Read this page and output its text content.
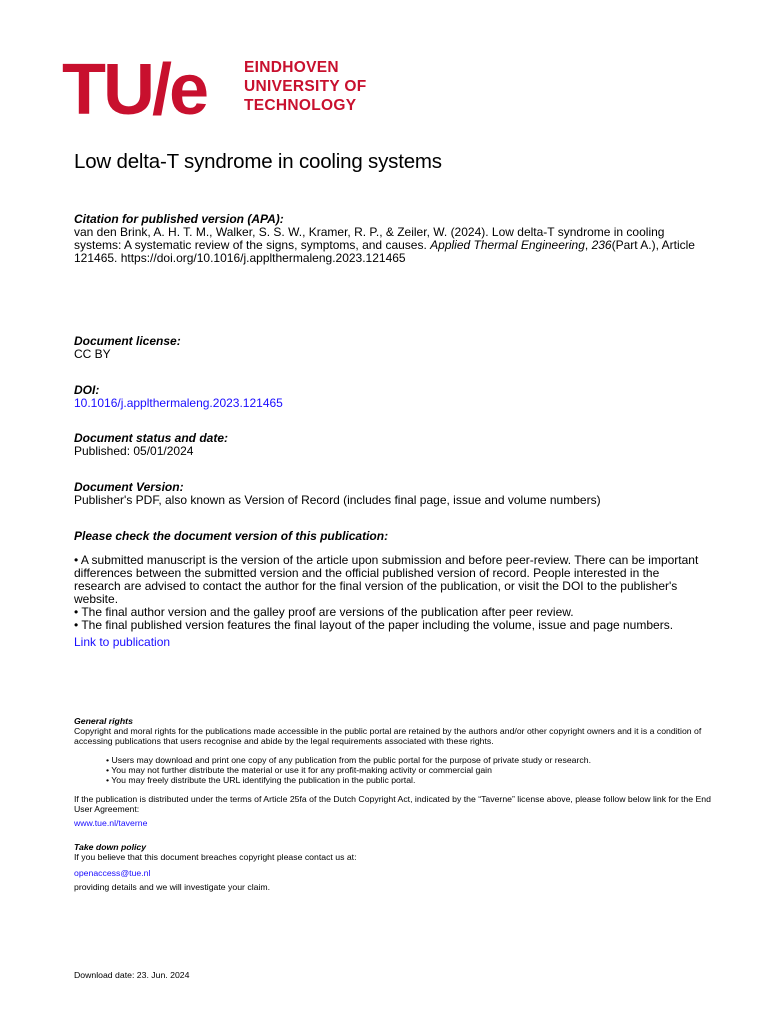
TU/e EINDHOVEN
UNIVERSITY OF
TECHNOLOGY
Low delta-T syndrome in cooling systems
Citation for published version (APA):
van den Brink, A. H. T. M., Walker, S. S. W., Kramer, R. P., & Zeiler, W. (2024). Low delta-T syndrome in cooling systems: A systematic review of the signs, symptoms, and causes. Applied Thermal Engineering, 236(Part A.), Article 121465. https://doi.org/10.1016/j.applthermaleng.2023.121465
Document license:
CC BY
DOI:
10.1016/j.applthermaleng.2023.121465
Document status and date:
Published: 05/01/2024
Document Version:
Publisher's PDF, also known as Version of Record (includes final page, issue and volume numbers)
Please check the document version of this publication:
• A submitted manuscript is the version of the article upon submission and before peer-review. There can be important differences between the submitted version and the official published version of record. People interested in the research are advised to contact the author for the final version of the publication, or visit the DOI to the publisher's website.
• The final author version and the galley proof are versions of the publication after peer review.
• The final published version features the final layout of the paper including the volume, issue and page numbers.
Link to publication
General rights
Copyright and moral rights for the publications made accessible in the public portal are retained by the authors and/or other copyright owners and it is a condition of accessing publications that users recognise and abide by the legal requirements associated with these rights.
• Users may download and print one copy of any publication from the public portal for the purpose of private study or research.
• You may not further distribute the material or use it for any profit-making activity or commercial gain
• You may freely distribute the URL identifying the publication in the public portal.
If the publication is distributed under the terms of Article 25fa of the Dutch Copyright Act, indicated by the “Taverne” license above, please follow below link for the End User Agreement:
www.tue.nl/taverne
Take down policy
If you believe that this document breaches copyright please contact us at:
openaccess@tue.nl
providing details and we will investigate your claim.
Download date: 23. Jun. 2024
